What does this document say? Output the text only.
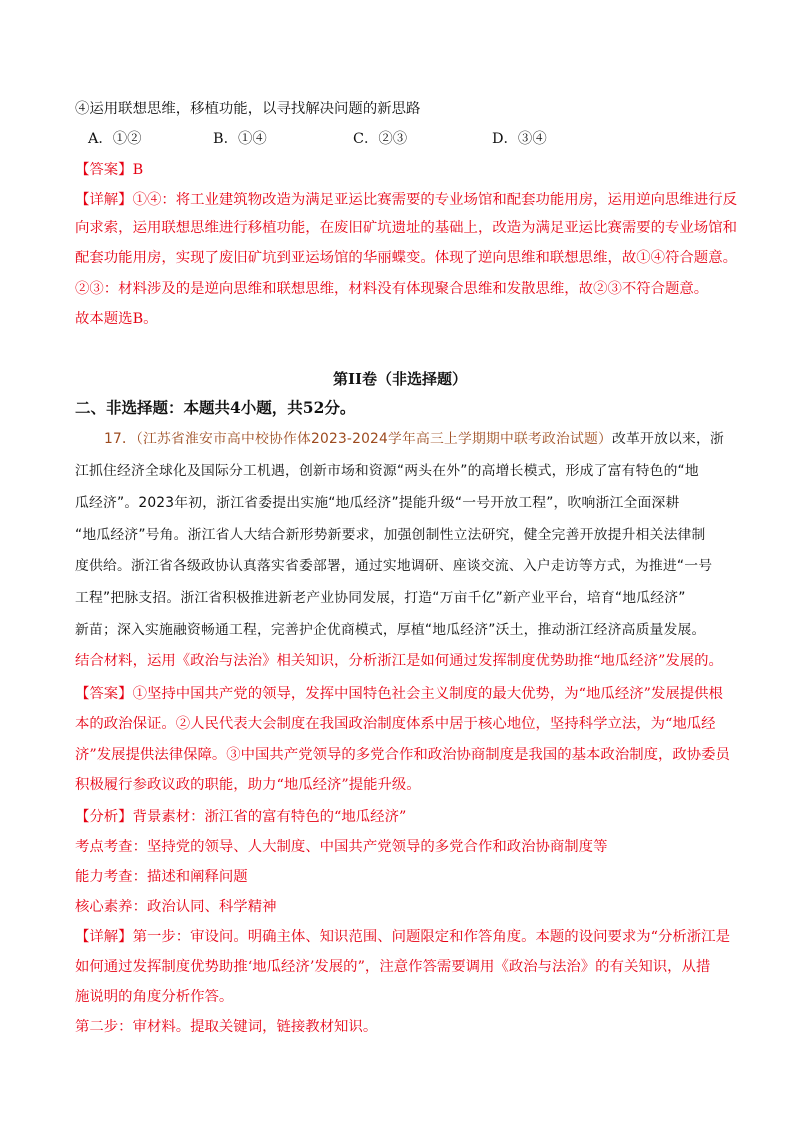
④运用联想思维，移植功能，以寻找解决问题的新思路
A．①②	B．①④	C．②③	D．③④
【答案】B
【详解】①④：将工业建筑物改造为满足亚运比赛需要的专业场馆和配套功能用房，运用逆向思维进行反
向求索，运用联想思维进行移植功能，在废旧矿坑遗址的基础上，改造为满足亚运比赛需要的专业场馆和
配套功能用房，实现了废旧矿坑到亚运场馆的华丽蝶变。体现了逆向思维和联想思维，故①④符合题意。
②③：材料涉及的是逆向思维和联想思维，材料没有体现聚合思维和发散思维，故②③不符合题意。
故本题选B。
第II卷（非选择题）
二、非选择题：本题共4小题，共52分。
17．（江苏省淮安市高中校协作体2023-2024学年高三上学期期中联考政治试题）改革开放以来，浙
江抓住经济全球化及国际分工机遇，创新市场和资源“两头在外”的高增长模式，形成了富有特色的“地
瓜经济”。2023年初，浙江省委提出实施“地瓜经济”提能升级“一号开放工程”，吹响浙江全面深耕
“地瓜经济”号角。浙江省人大结合新形势新要求，加强创制性立法研究，健全完善开放提升相关法律制
度供给。浙江省各级政协认真落实省委部署，通过实地调研、座谈交流、入户走访等方式，为推进“一号
工程”把脉支招。浙江省积极推进新老产业协同发展，打造“万亩千亿”新产业平台，培育“地瓜经济”
新苗；深入实施融资畅通工程，完善护企优商模式，厚植“地瓜经济”沃土，推动浙江经济高质量发展。
结合材料，运用《政治与法治》相关知识，分析浙江是如何通过发挥制度优势助推“地瓜经济”发展的。
【答案】①坚持中国共产党的领导，发挥中国特色社会主义制度的最大优势，为“地瓜经济”发展提供根
本的政治保证。②人民代表大会制度在我国政治制度体系中居于核心地位，坚持科学立法，为“地瓜经
济”发展提供法律保障。③中国共产党领导的多党合作和政治协商制度是我国的基本政治制度，政协委员
积极履行参政议政的职能，助力“地瓜经济”提能升级。
【分析】背景素材：浙江省的富有特色的“地瓜经济”
考点考查：坚持党的领导、人大制度、中国共产党领导的多党合作和政治协商制度等
能力考查：描述和阐释问题
核心素养：政治认同、科学精神
【详解】第一步：审设问。明确主体、知识范围、问题限定和作答角度。本题的设问要求为“分析浙江是
如何通过发挥制度优势助推‘地瓜经济’发展的”，注意作答需要调用《政治与法治》的有关知识，从措
施说明的角度分析作答。
第二步：审材料。提取关键词，链接教材知识。
